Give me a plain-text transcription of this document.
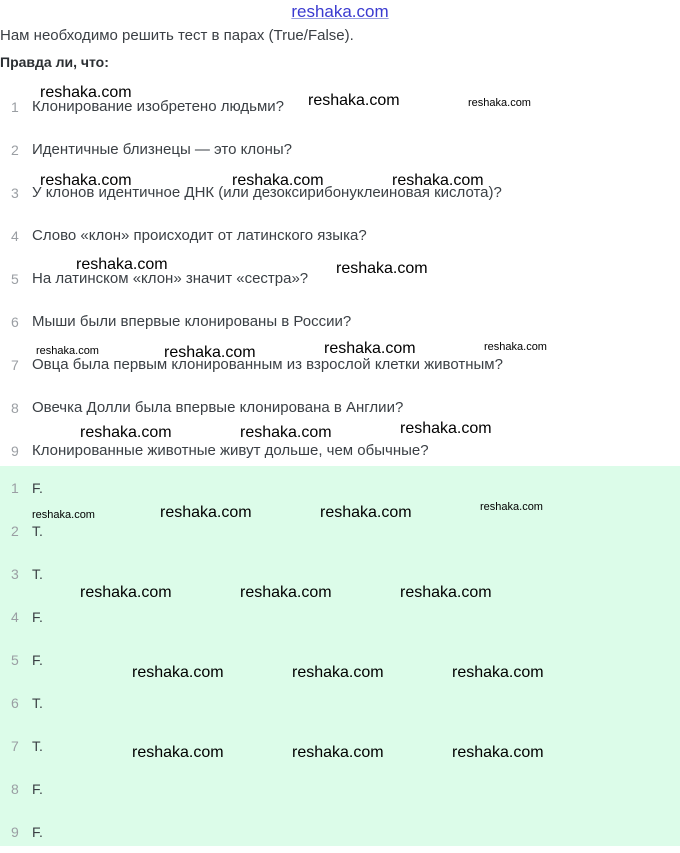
reshaka.com
Нам необходимо решить тест в парах (True/False).
Правда ли, что:
1 Клонирование изобретено людьми?
2 Идентичные близнецы — это клоны?
3 У клонов идентичное ДНК (или дезоксирибонуклеиновая кислота)?
4 Слово «клон» происходит от латинского языка?
5 На латинском «клон» значит «сестра»?
6 Мыши были впервые клонированы в России?
7 Овца была первым клонированным из взрослой клетки животным?
8 Овечка Долли была впервые клонирована в Англии?
9 Клонированные животные живут дольше, чем обычные?
1 F.
2 T.
3 T.
4 F.
5 F.
6 T.
7 T.
8 F.
9 F.
reshaka.com	reshaka.com	reshaka.com
reshaka.com	reshaka.com	reshaka.com
reshaka.com	reshaka.com
reshaka.com	reshaka.com	reshaka.com	reshaka.com
reshaka.com	reshaka.com	reshaka.com
reshaka.com	reshaka.com	reshaka.com	reshaka.com
reshaka.com	reshaka.com	reshaka.com
reshaka.com	reshaka.com	reshaka.com
reshaka.com	reshaka.com	reshaka.com
